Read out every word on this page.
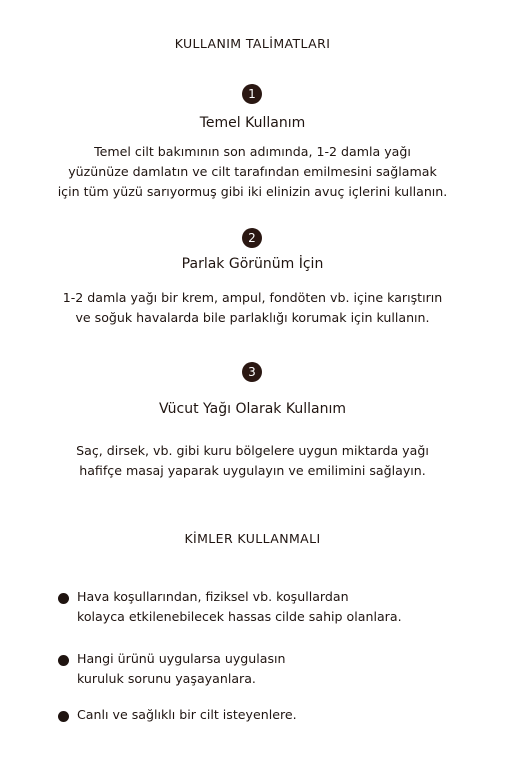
KULLANIM TALİMATLARI
1
Temel Kullanım
Temel cilt bakımının son adımında, 1-2 damla yağı
yüzünüze damlatın ve cilt tarafından emilmesini sağlamak
için tüm yüzü sarıyormuş gibi iki elinizin avuç içlerini kullanın.
2
Parlak Görünüm İçin
1-2 damla yağı bir krem, ampul, fondöten vb. içine karıştırın
ve soğuk havalarda bile parlaklığı korumak için kullanın.
3
Vücut Yağı Olarak Kullanım
Saç, dirsek, vb. gibi kuru bölgelere uygun miktarda yağı
hafifçe masaj yaparak uygulayın ve emilimini sağlayın.
KİMLER KULLANMALI
Hava koşullarından, fiziksel vb. koşullardan
kolayca etkilenebilecek hassas cilde sahip olanlara.
Hangi ürünü uygularsa uygulasın
kuruluk sorunu yaşayanlara.
Canlı ve sağlıklı bir cilt isteyenlere.
